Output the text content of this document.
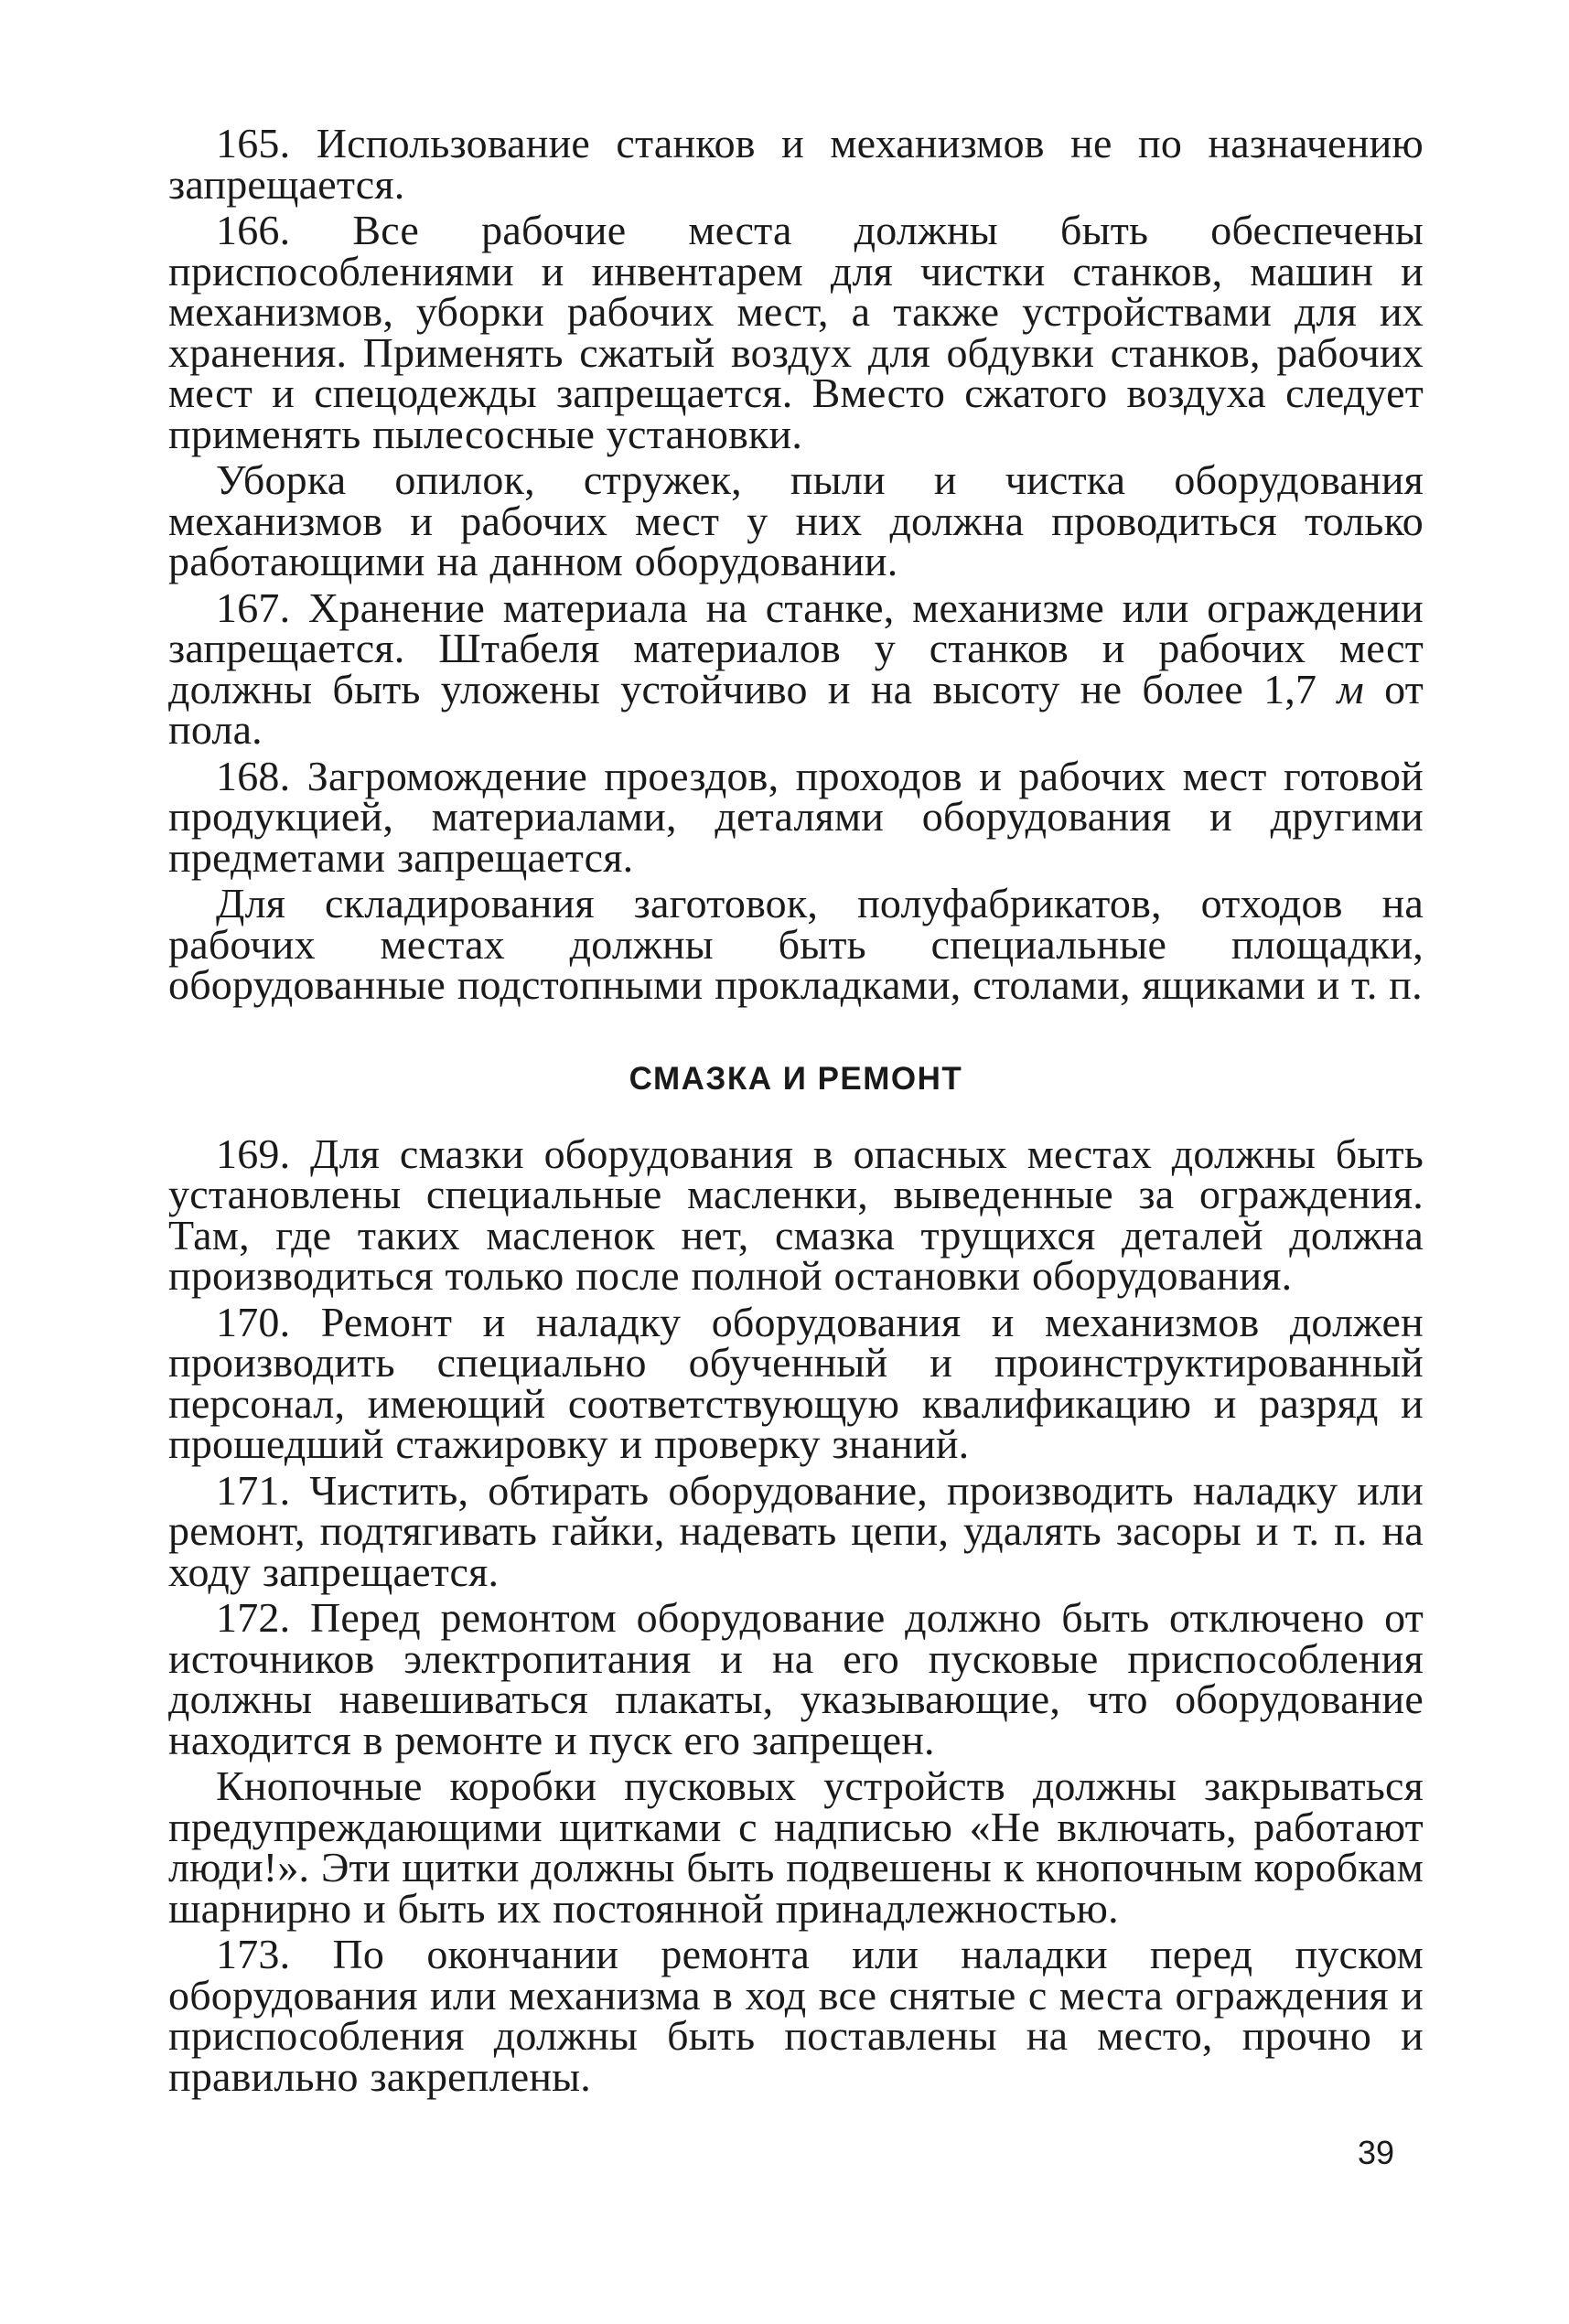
165. Использование станков и механизмов не по назначению запрещается.

166. Все рабочие места должны быть обеспечены приспособлениями и инвентарем для чистки станков, машин и механизмов, уборки рабочих мест, а также устройствами для их хранения. Применять сжатый воздух для обдувки станков, рабочих мест и спецодежды запрещается. Вместо сжатого воздуха следует применять пылесосные установки.

Уборка опилок, стружек, пыли и чистка оборудования механизмов и рабочих мест у них должна проводиться только работающими на данном оборудовании.

167. Хранение материала на станке, механизме или ограждении запрещается. Штабеля материалов у станков и рабочих мест должны быть уложены устойчиво и на высоту не более 1,7 м от пола.

168. Загромождение проездов, проходов и рабочих мест готовой продукцией, материалами, деталями оборудования и другими предметами запрещается.

Для складирования заготовок, полуфабрикатов, отходов на рабочих местах должны быть специальные площадки, оборудованные подстопными прокладками, столами, ящиками и т. п.

СМАЗКА И РЕМОНТ

169. Для смазки оборудования в опасных местах должны быть установлены специальные масленки, выведенные за ограждения. Там, где таких масленок нет, смазка трущихся деталей должна производиться только после полной остановки оборудования.

170. Ремонт и наладку оборудования и механизмов должен производить специально обученный и проинструктированный персонал, имеющий соответствующую квалификацию и разряд и прошедший стажировку и проверку знаний.

171. Чистить, обтирать оборудование, производить наладку или ремонт, подтягивать гайки, надевать цепи, удалять засоры и т. п. на ходу запрещается.

172. Перед ремонтом оборудование должно быть отключено от источников электропитания и на его пусковые приспособления должны навешиваться плакаты, указывающие, что оборудование находится в ремонте и пуск его запрещен.

Кнопочные коробки пусковых устройств должны закрываться предупреждающими щитками с надписью «Не включать, работают люди!». Эти щитки должны быть подвешены к кнопочным коробкам шарнирно и быть их постоянной принадлежностью.

173. По окончании ремонта или наладки перед пуском оборудования или механизма в ход все снятые с места ограждения и приспособления должны быть поставлены на место, прочно и правильно закреплены.

39
